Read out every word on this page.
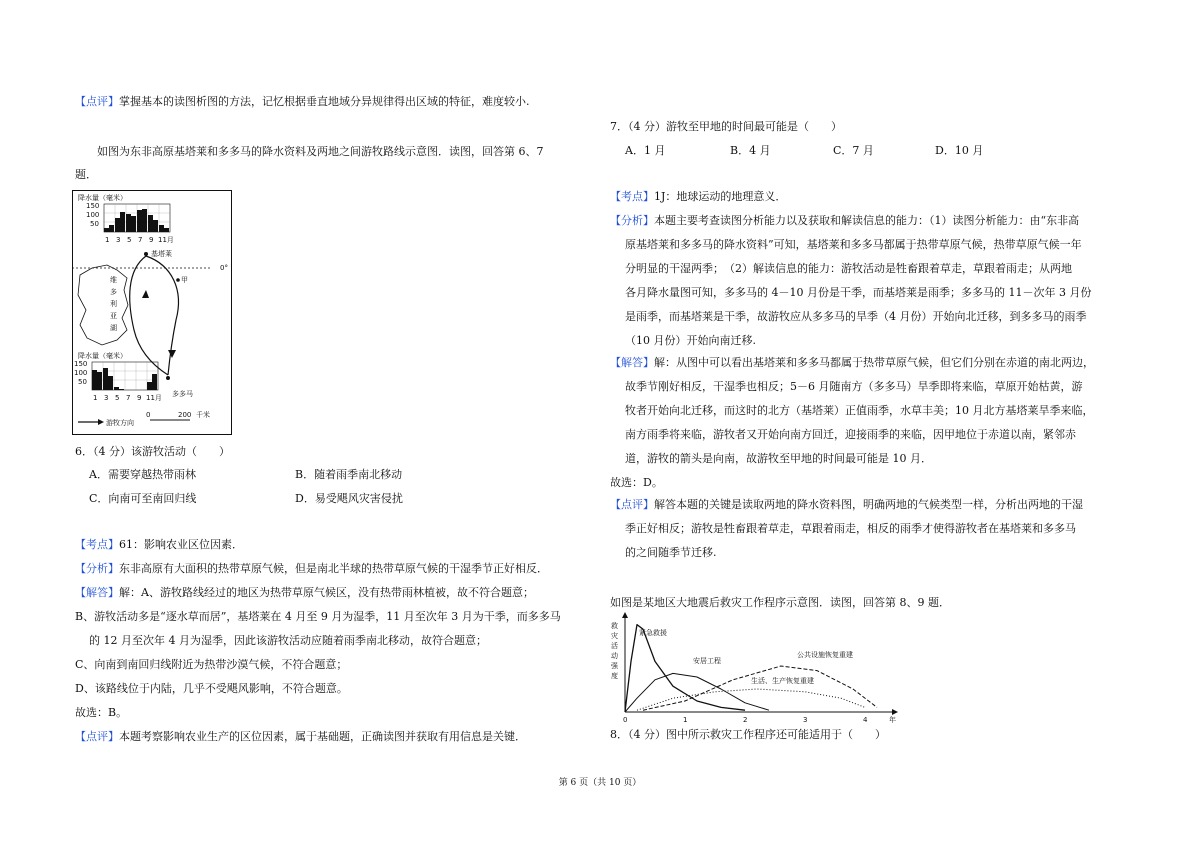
【点评】掌握基本的读图析图的方法，记忆根据垂直地域分异规律得出区域的特征，难度较小.
如图为东非高原基塔莱和多多马的降水资料及两地之间游牧路线示意图．读图，回答第 6、7
题．
降水量（毫米）
150
100
50
1 3 5 7 9 11月
基塔莱
0°
维
多
利
亚
湖
甲
降水量（毫米）
150
100
50
1 3 5 7 9 11月 多多马
游牧方向
0	200 千米
6．（4 分）该游牧活动（　　）
A．需要穿越热带雨林	B．随着雨季南北移动
C．向南可至南回归线	D．易受飓风灾害侵扰
【考点】61：影响农业区位因素．
【分析】东非高原有大面积的热带草原气候，但是南北半球的热带草原气候的干湿季节正好相反．
【解答】解：A、游牧路线经过的地区为热带草原气候区，没有热带雨林植被，故不符合题意；
B、游牧活动多是“逐水草而居”，基塔莱在 4 月至 9 月为湿季，11 月至次年 3 月为干季，而多多马
的 12 月至次年 4 月为湿季，因此该游牧活动应随着雨季南北移动，故符合题意；
C、向南到南回归线附近为热带沙漠气候，不符合题意；
D、该路线位于内陆，几乎不受飓风影响，不符合题意。
故选：B。
【点评】本题考察影响农业生产的区位因素，属于基础题，正确读图并获取有用信息是关键．
7．（4 分）游牧至甲地的时间最可能是（　　）
A．1 月	B．4 月	C．7 月	D．10 月
【考点】1J：地球运动的地理意义．
【分析】本题主要考查读图分析能力以及获取和解读信息的能力：（1）读图分析能力：由“东非高
原基塔莱和多多马的降水资料”可知，基塔莱和多多马都属于热带草原气候，热带草原气候一年
分明显的干湿两季；　（2）解读信息的能力：游牧活动是牲畜跟着草走，草跟着雨走；从两地
各月降水量图可知，多多马的 4－10 月份是干季，而基塔莱是雨季；多多马的 11－次年 3 月份
是雨季，而基塔莱是干季，故游牧应从多多马的旱季（4 月份）开始向北迁移，到多多马的雨季
（10 月份）开始向南迁移.
【解答】解：从图中可以看出基塔莱和多多马都属于热带草原气候，但它们分别在赤道的南北两边，
故季节刚好相反，干湿季也相反；5－6 月随南方（多多马）旱季即将来临，草原开始枯黄，游
牧者开始向北迁移，而这时的北方（基塔莱）正值雨季，水草丰美；10 月北方基塔莱旱季来临，
南方雨季将来临，游牧者又开始向南方回迁，迎接雨季的来临，因甲地位于赤道以南，紧邻赤
道，游牧的箭头是向南，故游牧至甲地的时间最可能是 10 月．
故选：D。
【点评】解答本题的关键是读取两地的降水资料图，明确两地的气候类型一样，分析出两地的干湿
季正好相反；游牧是牲畜跟着草走，草跟着雨走，相反的雨季才使得游牧者在基塔莱和多多马
的之间随季节迁移.
如图是某地区大地震后救灾工作程序示意图．读图，回答第 8、9 题．
救
灾
活
动
强
度
0	1	2	3	4	年
紧急救援
安居工程
公共设施恢复重建
生活、生产恢复重建
8．（4 分）图中所示救灾工作程序还可能适用于（　　）
第 6 页（共 10 页）
